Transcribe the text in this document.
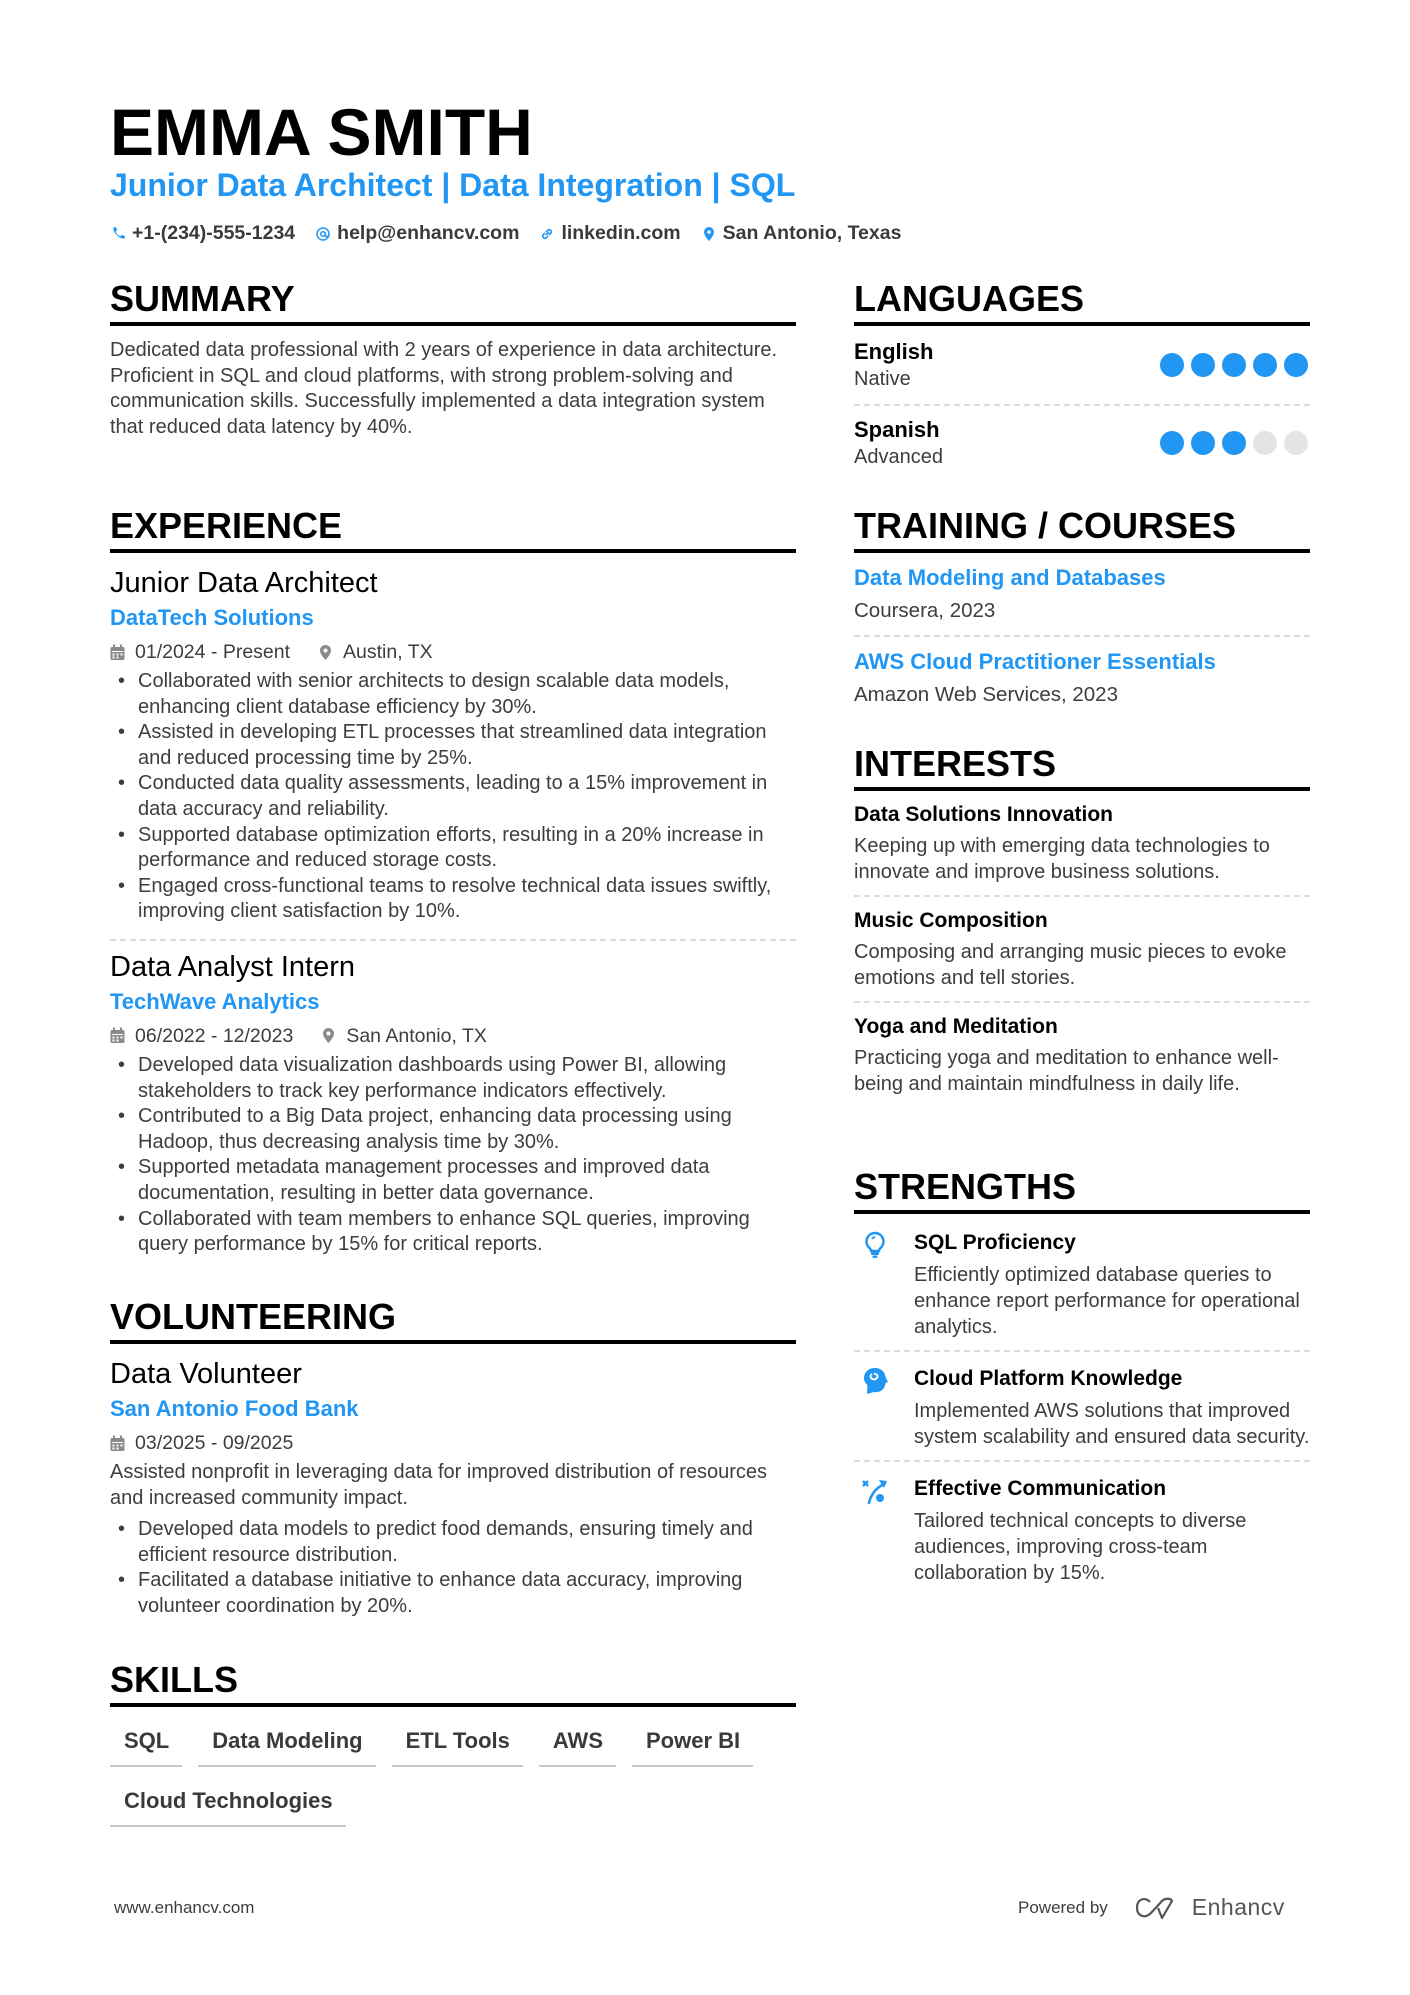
EMMA SMITH
Junior Data Architect | Data Integration | SQL
+1-(234)-555-1234 help@enhancv.com linkedin.com San Antonio, Texas
SUMMARY
Dedicated data professional with 2 years of experience in data architecture. Proficient in SQL and cloud platforms, with strong problem-solving and communication skills. Successfully implemented a data integration system that reduced data latency by 40%.
EXPERIENCE
Junior Data Architect
DataTech Solutions
01/2024 - Present	Austin, TX
• Collaborated with senior architects to design scalable data models, enhancing client database efficiency by 30%.
• Assisted in developing ETL processes that streamlined data integration and reduced processing time by 25%.
• Conducted data quality assessments, leading to a 15% improvement in data accuracy and reliability.
• Supported database optimization efforts, resulting in a 20% increase in performance and reduced storage costs.
• Engaged cross-functional teams to resolve technical data issues swiftly, improving client satisfaction by 10%.
Data Analyst Intern
TechWave Analytics
06/2022 - 12/2023	San Antonio, TX
• Developed data visualization dashboards using Power BI, allowing stakeholders to track key performance indicators effectively.
• Contributed to a Big Data project, enhancing data processing using Hadoop, thus decreasing analysis time by 30%.
• Supported metadata management processes and improved data documentation, resulting in better data governance.
• Collaborated with team members to enhance SQL queries, improving query performance by 15% for critical reports.
VOLUNTEERING
Data Volunteer
San Antonio Food Bank
03/2025 - 09/2025
Assisted nonprofit in leveraging data for improved distribution of resources and increased community impact.
• Developed data models to predict food demands, ensuring timely and efficient resource distribution.
• Facilitated a database initiative to enhance data accuracy, improving volunteer coordination by 20%.
SKILLS
SQL	Data Modeling	ETL Tools	AWS	Power BI
Cloud Technologies
LANGUAGES
English
Native
Spanish
Advanced
TRAINING / COURSES
Data Modeling and Databases
Coursera, 2023
AWS Cloud Practitioner Essentials
Amazon Web Services, 2023
INTERESTS
Data Solutions Innovation
Keeping up with emerging data technologies to innovate and improve business solutions.
Music Composition
Composing and arranging music pieces to evoke emotions and tell stories.
Yoga and Meditation
Practicing yoga and meditation to enhance well-being and maintain mindfulness in daily life.
STRENGTHS
SQL Proficiency
Efficiently optimized database queries to enhance report performance for operational analytics.
Cloud Platform Knowledge
Implemented AWS solutions that improved system scalability and ensured data security.
Effective Communication
Tailored technical concepts to diverse audiences, improving cross-team collaboration by 15%.
www.enhancv.com	Powered by	Enhancv
